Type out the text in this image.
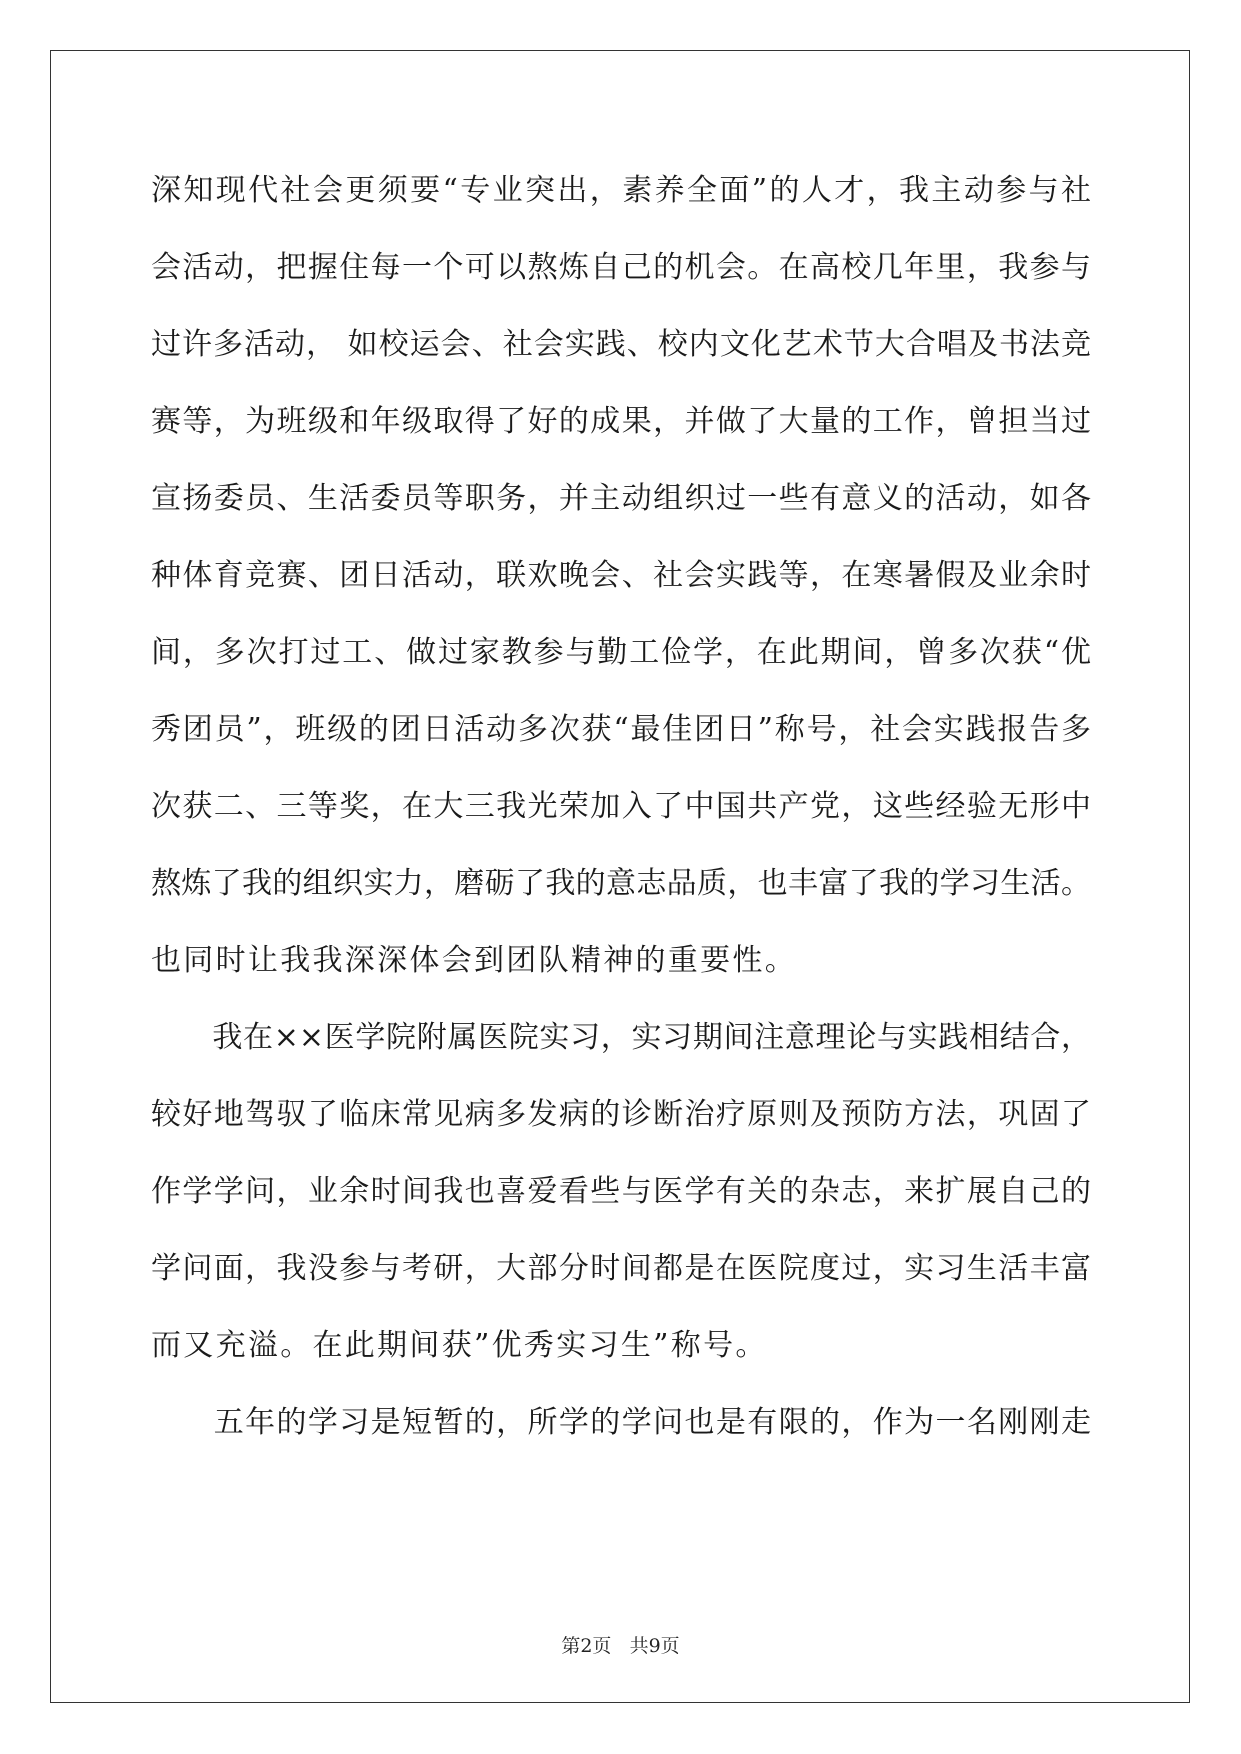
深知现代社会更须要“专业突出，素养全面”的人才，我主动参与社
会活动，把握住每一个可以熬炼自己的机会。在高校几年里，我参与
过许多活动， 如校运会、社会实践、校内文化艺术节大合唱及书法竞
赛等，为班级和年级取得了好的成果，并做了大量的工作，曾担当过
宣扬委员、生活委员等职务，并主动组织过一些有意义的活动，如各
种体育竞赛、团日活动，联欢晚会、社会实践等，在寒暑假及业余时
间，多次打过工、做过家教参与勤工俭学，在此期间，曾多次获“优
秀团员”，班级的团日活动多次获“最佳团日”称号，社会实践报告多
次获二、三等奖，在大三我光荣加入了中国共产党，这些经验无形中
熬炼了我的组织实力，磨砺了我的意志品质，也丰富了我的学习生活。
也同时让我我深深体会到团队精神的重要性。
　　我在××医学院附属医院实习，实习期间注意理论与实践相结合，
较好地驾驭了临床常见病多发病的诊断治疗原则及预防方法，巩固了
作学学问，业余时间我也喜爱看些与医学有关的杂志，来扩展自己的
学问面，我没参与考研，大部分时间都是在医院度过，实习生活丰富
而又充溢。在此期间获”优秀实习生”称号。
　　五年的学习是短暂的，所学的学问也是有限的，作为一名刚刚走
第2页 共9页
